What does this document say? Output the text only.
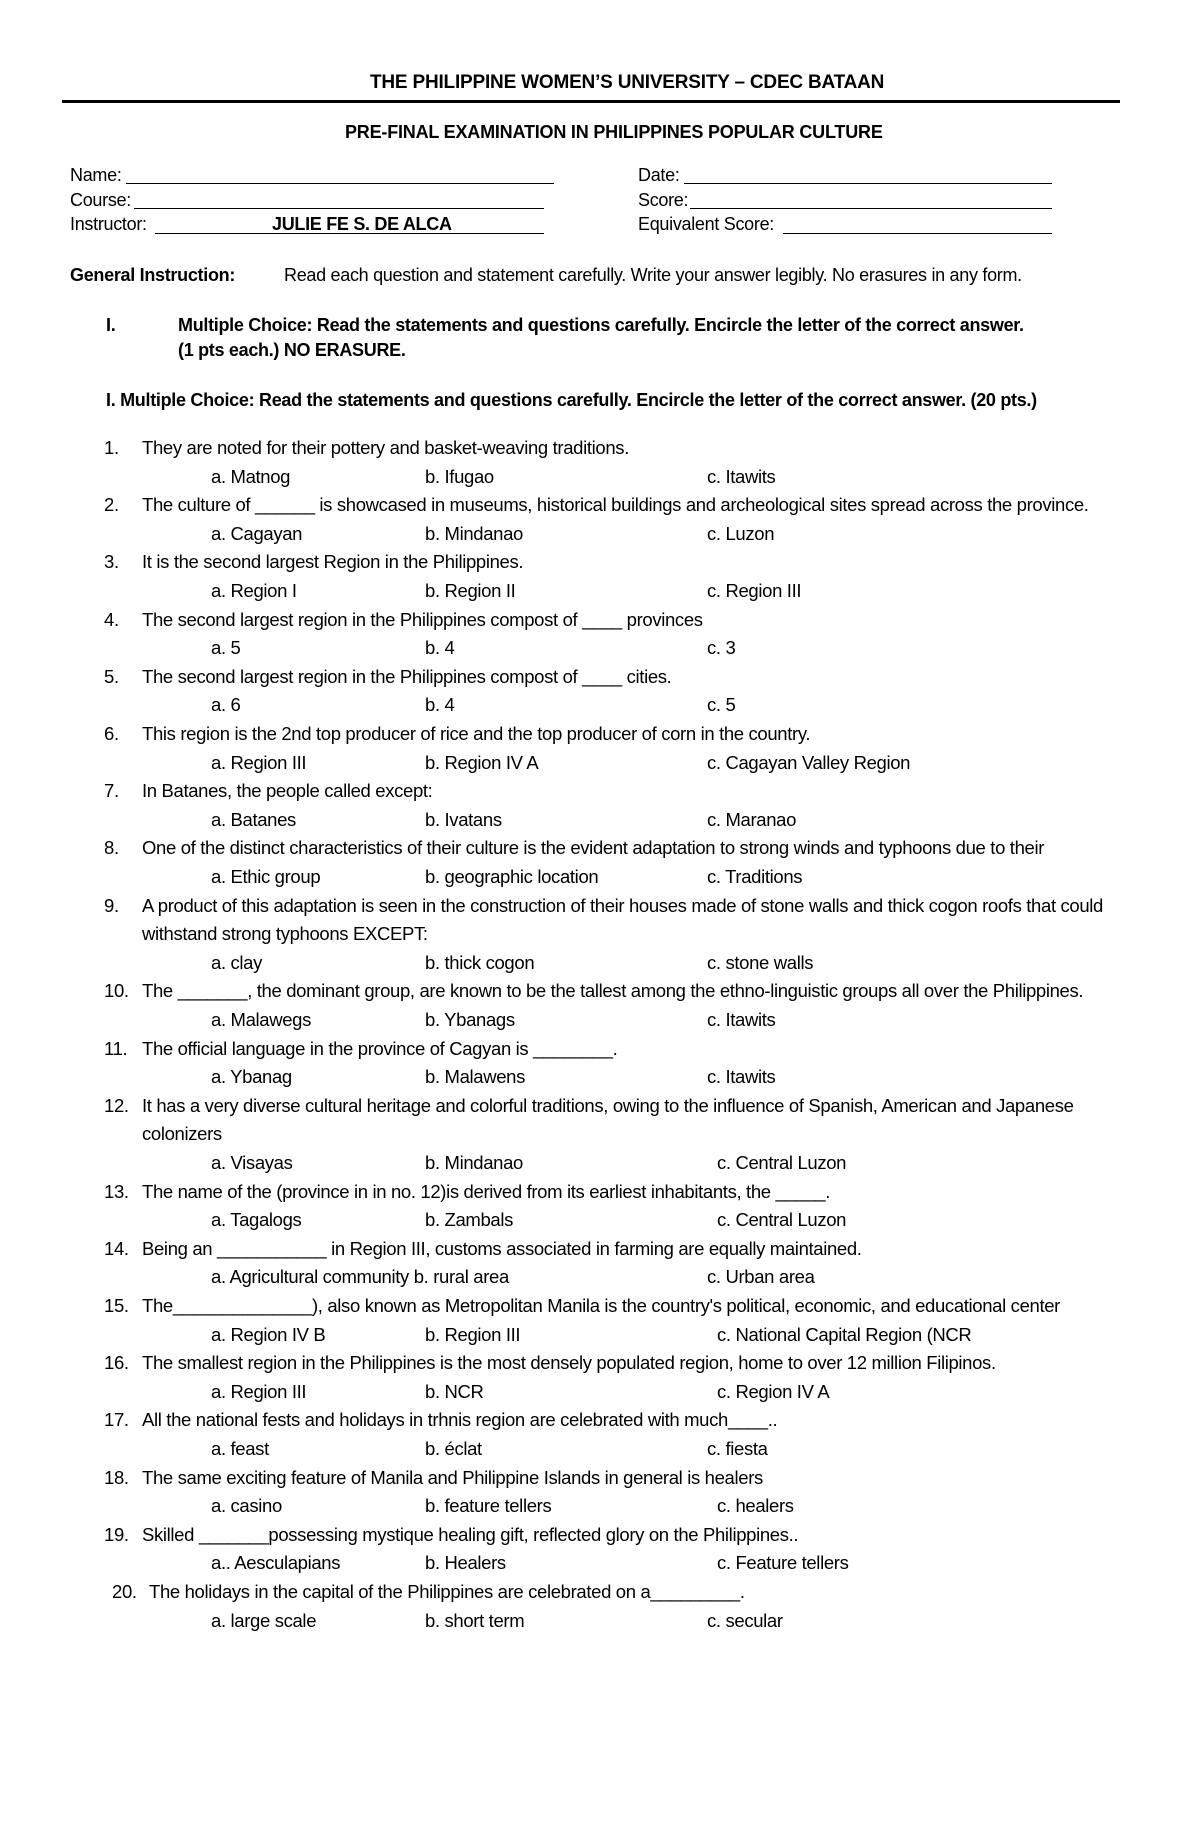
THE PHILIPPINE WOMEN’S UNIVERSITY – CDEC BATAAN
PRE-FINAL EXAMINATION IN PHILIPPINES POPULAR CULTURE
Name:
Course:
Instructor:	JULIE FE S. DE ALCA
Date:
Score:
Equivalent Score:
General Instruction:	Read each question and statement carefully. Write your answer legibly. No erasures in any form.
I.	Multiple Choice: Read the statements and questions carefully. Encircle the letter of the correct answer.
(1 pts each.) NO ERASURE.
I. Multiple Choice: Read the statements and questions carefully. Encircle the letter of the correct answer. (20 pts.)
1. They are noted for their pottery and basket-weaving traditions.
a. Matnog	b. Ifugao	c. Itawits
2. The culture of ______ is showcased in museums, historical buildings and archeological sites spread across the province.
a. Cagayan	b. Mindanao	c. Luzon
3. It is the second largest Region in the Philippines.
a. Region I	b. Region II	c. Region III
4. The second largest region in the Philippines compost of ____ provinces
a. 5	b. 4	c. 3
5. The second largest region in the Philippines compost of ____ cities.
a. 6	b. 4	c. 5
6. This region is the 2nd top producer of rice and the top producer of corn in the country.
a. Region III	b. Region IV A	c. Cagayan Valley Region
7. In Batanes, the people called except:
a. Batanes	b. Ivatans	c. Maranao
8. One of the distinct characteristics of their culture is the evident adaptation to strong winds and typhoons due to their
a. Ethic group	b. geographic location	c. Traditions
9. A product of this adaptation is seen in the construction of their houses made of stone walls and thick cogon roofs that could
withstand strong typhoons EXCEPT:
a. clay	b. thick cogon	c. stone walls
10. The _______, the dominant group, are known to be the tallest among the ethno-linguistic groups all over the Philippines.
a. Malawegs	b. Ybanags	c. Itawits
11. The official language in the province of Cagyan is ________.
a. Ybanag	b. Malawens	c. Itawits
12. It has a very diverse cultural heritage and colorful traditions, owing to the influence of Spanish, American and Japanese
colonizers
a. Visayas	b. Mindanao	c. Central Luzon
13. The name of the (province in in no. 12)is derived from its earliest inhabitants, the _____.
a. Tagalogs	b. Zambals	c. Central Luzon
14. Being an ___________ in Region III, customs associated in farming are equally maintained.
a. Agricultural community b. rural area	c. Urban area
15. The______________), also known as Metropolitan Manila is the country's political, economic, and educational center
a. Region IV B	b. Region III	c. National Capital Region (NCR
16. The smallest region in the Philippines is the most densely populated region, home to over 12 million Filipinos.
a. Region III	b. NCR	c. Region IV A
17. All the national fests and holidays in trhnis region are celebrated with much____..
a. feast	b. éclat	c. fiesta
18. The same exciting feature of Manila and Philippine Islands in general is healers
a. casino	b. feature tellers	c. healers
19. Skilled _______possessing mystique healing gift, reflected glory on the Philippines..
a.. Aesculapians	b. Healers	c. Feature tellers
20. The holidays in the capital of the Philippines are celebrated on a_________.
a. large scale	b. short term	c. secular
